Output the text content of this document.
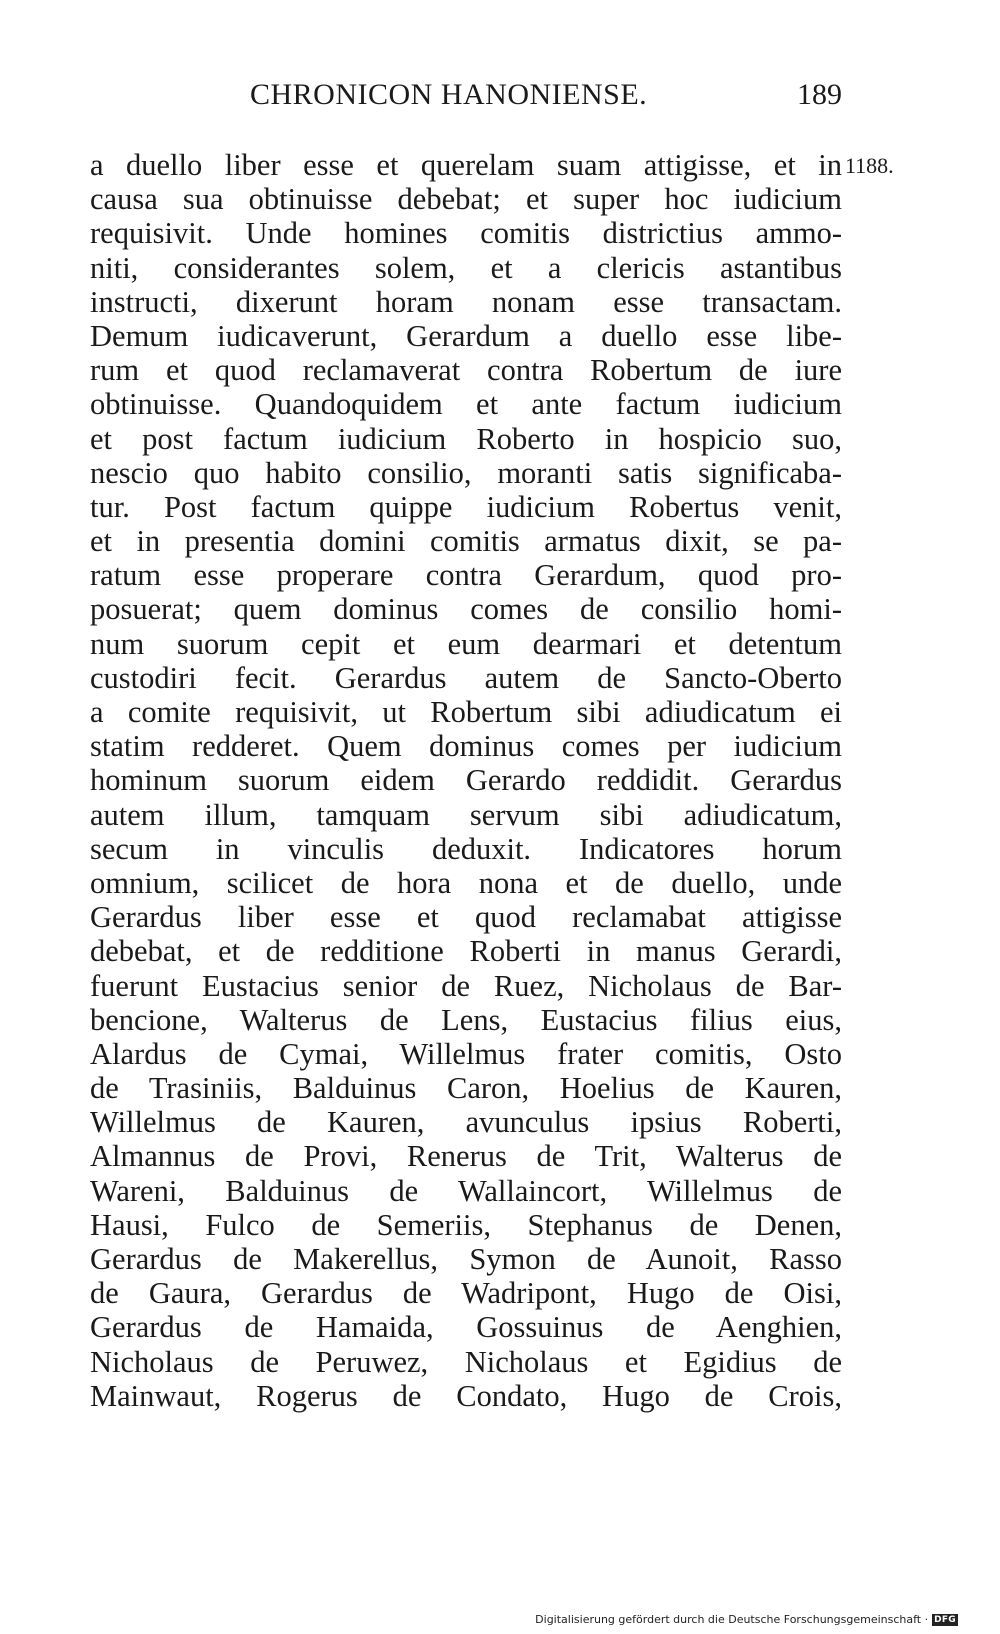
CHRONICON HANONIENSE.	189
1188.
a duello liber esse et querelam suam attigisse, et in
causa sua obtinuisse debebat; et super hoc iudicium
requisivit. Unde homines comitis districtius ammo-
niti, considerantes solem, et a clericis astantibus
instructi, dixerunt horam nonam esse transactam.
Demum iudicaverunt, Gerardum a duello esse libe-
rum et quod reclamaverat contra Robertum de iure
obtinuisse. Quandoquidem et ante factum iudicium
et post factum iudicium Roberto in hospicio suo,
nescio quo habito consilio, moranti satis significaba-
tur. Post factum quippe iudicium Robertus venit,
et in presentia domini comitis armatus dixit, se pa-
ratum esse properare contra Gerardum, quod pro-
posuerat; quem dominus comes de consilio homi-
num suorum cepit et eum dearmari et detentum
custodiri fecit. Gerardus autem de Sancto-Oberto
a comite requisivit, ut Robertum sibi adiudicatum ei
statim redderet. Quem dominus comes per iudicium
hominum suorum eidem Gerardo reddidit. Gerardus
autem illum, tamquam servum sibi adiudicatum,
secum in vinculis deduxit. Indicatores horum
omnium, scilicet de hora nona et de duello, unde
Gerardus liber esse et quod reclamabat attigisse
debebat, et de redditione Roberti in manus Gerardi,
fuerunt Eustacius senior de Ruez, Nicholaus de Bar-
bencione, Walterus de Lens, Eustacius filius eius,
Alardus de Cymai, Willelmus frater comitis, Osto
de Trasiniis, Balduinus Caron, Hoelius de Kauren,
Willelmus de Kauren, avunculus ipsius Roberti,
Almannus de Provi, Renerus de Trit, Walterus de
Wareni, Balduinus de Wallaincort, Willelmus de
Hausi, Fulco de Semeriis, Stephanus de Denen,
Gerardus de Makerellus, Symon de Aunoit, Rasso
de Gaura, Gerardus de Wadripont, Hugo de Oisi,
Gerardus de Hamaida, Gossuinus de Aenghien,
Nicholaus de Peruwez, Nicholaus et Egidius de
Mainwaut, Rogerus de Condato, Hugo de Crois,
Digitalisierung gefördert durch die Deutsche Forschungsgemeinschaft · DFG
